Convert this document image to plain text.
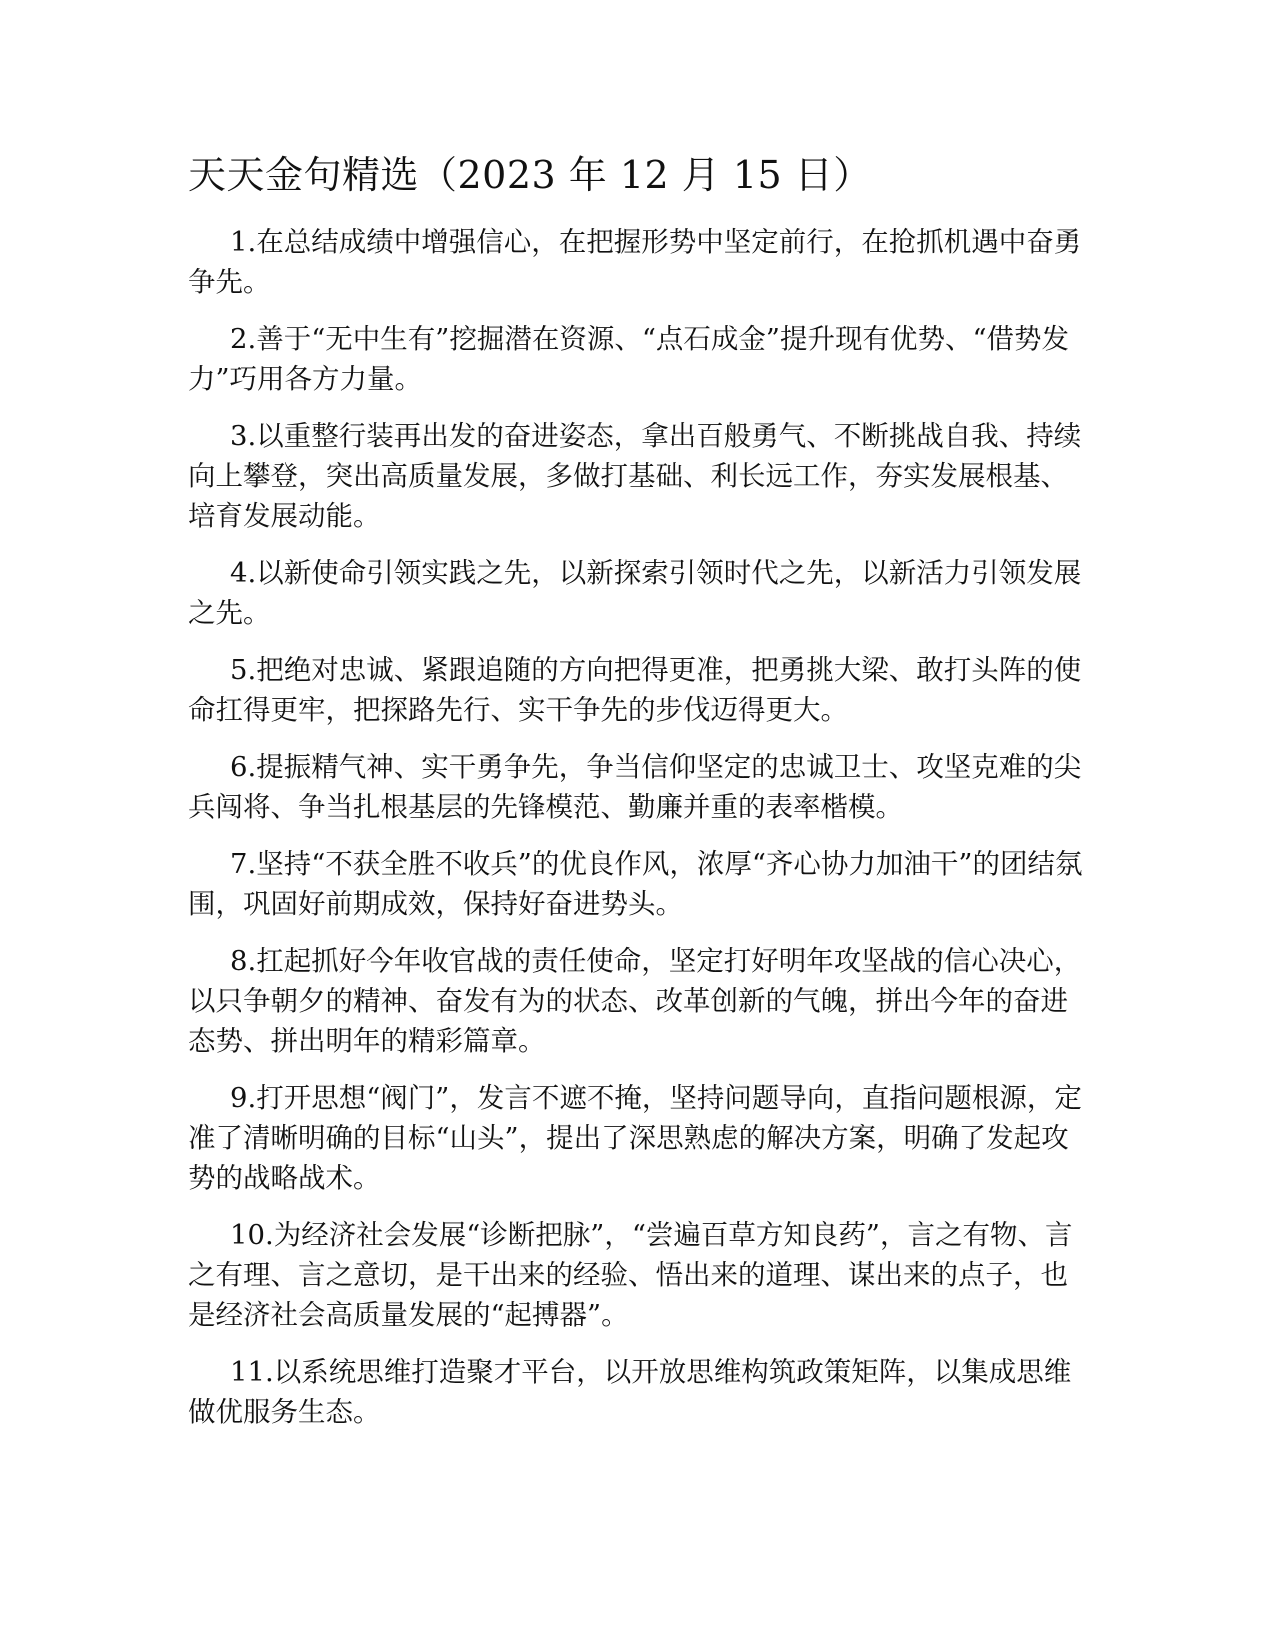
天天金句精选（2023 年 12 月 15 日）

1.在总结成绩中增强信心，在把握形势中坚定前行，在抢抓机遇中奋勇争先。

2.善于“无中生有”挖掘潜在资源、“点石成金”提升现有优势、“借势发力”巧用各方力量。

3.以重整行装再出发的奋进姿态，拿出百般勇气、不断挑战自我、持续向上攀登，突出高质量发展，多做打基础、利长远工作，夯实发展根基、培育发展动能。

4.以新使命引领实践之先，以新探索引领时代之先，以新活力引领发展之先。

5.把绝对忠诚、紧跟追随的方向把得更准，把勇挑大梁、敢打头阵的使命扛得更牢，把探路先行、实干争先的步伐迈得更大。

6.提振精气神、实干勇争先，争当信仰坚定的忠诚卫士、攻坚克难的尖兵闯将、争当扎根基层的先锋模范、勤廉并重的表率楷模。

7.坚持“不获全胜不收兵”的优良作风，浓厚“齐心协力加油干”的团结氛围，巩固好前期成效，保持好奋进势头。

8.扛起抓好今年收官战的责任使命，坚定打好明年攻坚战的信心决心，以只争朝夕的精神、奋发有为的状态、改革创新的气魄，拼出今年的奋进态势、拼出明年的精彩篇章。

9.打开思想“阀门”，发言不遮不掩，坚持问题导向，直指问题根源，定准了清晰明确的目标“山头”，提出了深思熟虑的解决方案，明确了发起攻势的战略战术。

10.为经济社会发展“诊断把脉”，“尝遍百草方知良药”，言之有物、言之有理、言之意切，是干出来的经验、悟出来的道理、谋出来的点子，也是经济社会高质量发展的“起搏器”。

11.以系统思维打造聚才平台，以开放思维构筑政策矩阵，以集成思维做优服务生态。
